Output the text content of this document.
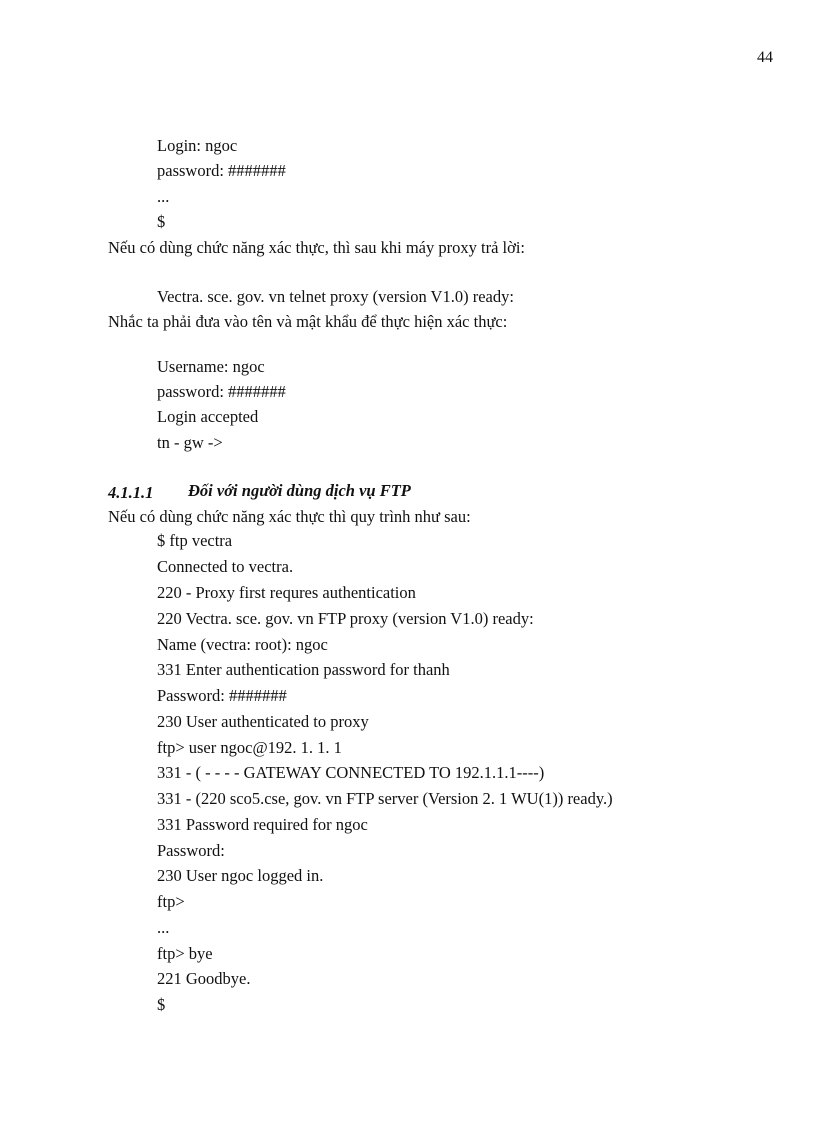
44
Login: ngoc
password: #######
...
$
Nếu có dùng chức năng xác thực, thì sau khi máy proxy trả lời:
Vectra. sce. gov. vn telnet proxy (version V1.0) ready:
Nhắc ta phải đưa vào tên và mật khẩu để thực hiện xác thực:
Username: ngoc
password: #######
Login accepted
tn - gw ->
4.1.1.1 Đối với người dùng dịch vụ FTP
Nếu có dùng chức năng xác thực thì quy trình như sau:
$ ftp vectra
Connected to vectra.
220 - Proxy first requres authentication
220 Vectra. sce. gov. vn FTP proxy (version V1.0) ready:
Name (vectra: root): ngoc
331 Enter authentication password for thanh
Password: #######
230 User authenticated to proxy
ftp> user ngoc@192. 1. 1. 1
331 - ( - - - - GATEWAY CONNECTED TO 192.1.1.1----)
331 - (220 sco5.cse, gov. vn FTP server (Version 2. 1 WU(1)) ready.)
331 Password required for ngoc
Password:
230 User ngoc logged in.
ftp>
...
ftp> bye
221 Goodbye.
$
